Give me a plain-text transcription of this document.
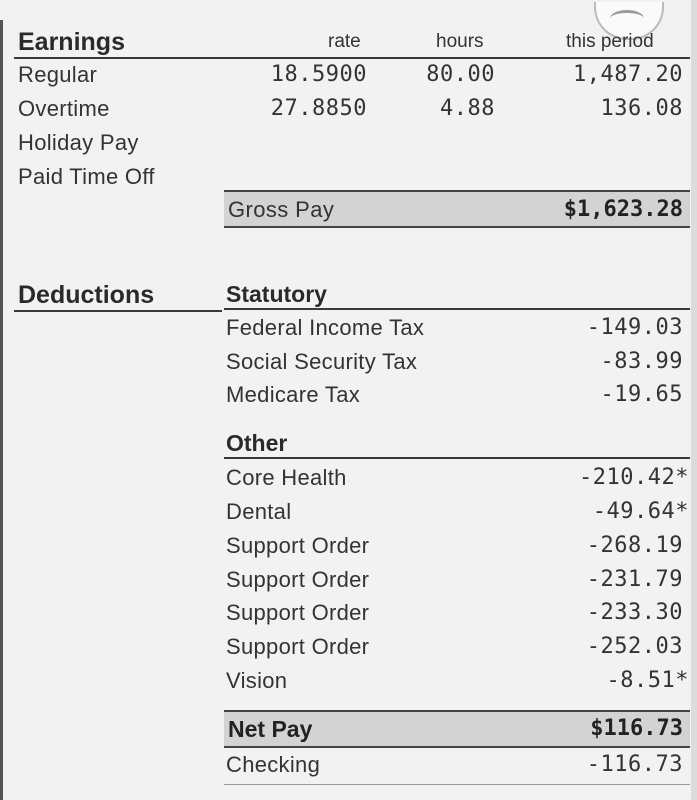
Earnings	rate	hours	this period
Regular	18.5900	80.00	1,487.20
Overtime	27.8850	4.88	136.08
Holiday Pay
Paid Time Off
Gross Pay	$1,623.28
Deductions	Statutory
Federal Income Tax	-149.03
Social Security Tax	-83.99
Medicare Tax	-19.65
Other
Core Health	-210.42*
Dental	-49.64*
Support Order	-268.19
Support Order	-231.79
Support Order	-233.30
Support Order	-252.03
Vision	-8.51*
Net Pay	$116.73
Checking	-116.73
